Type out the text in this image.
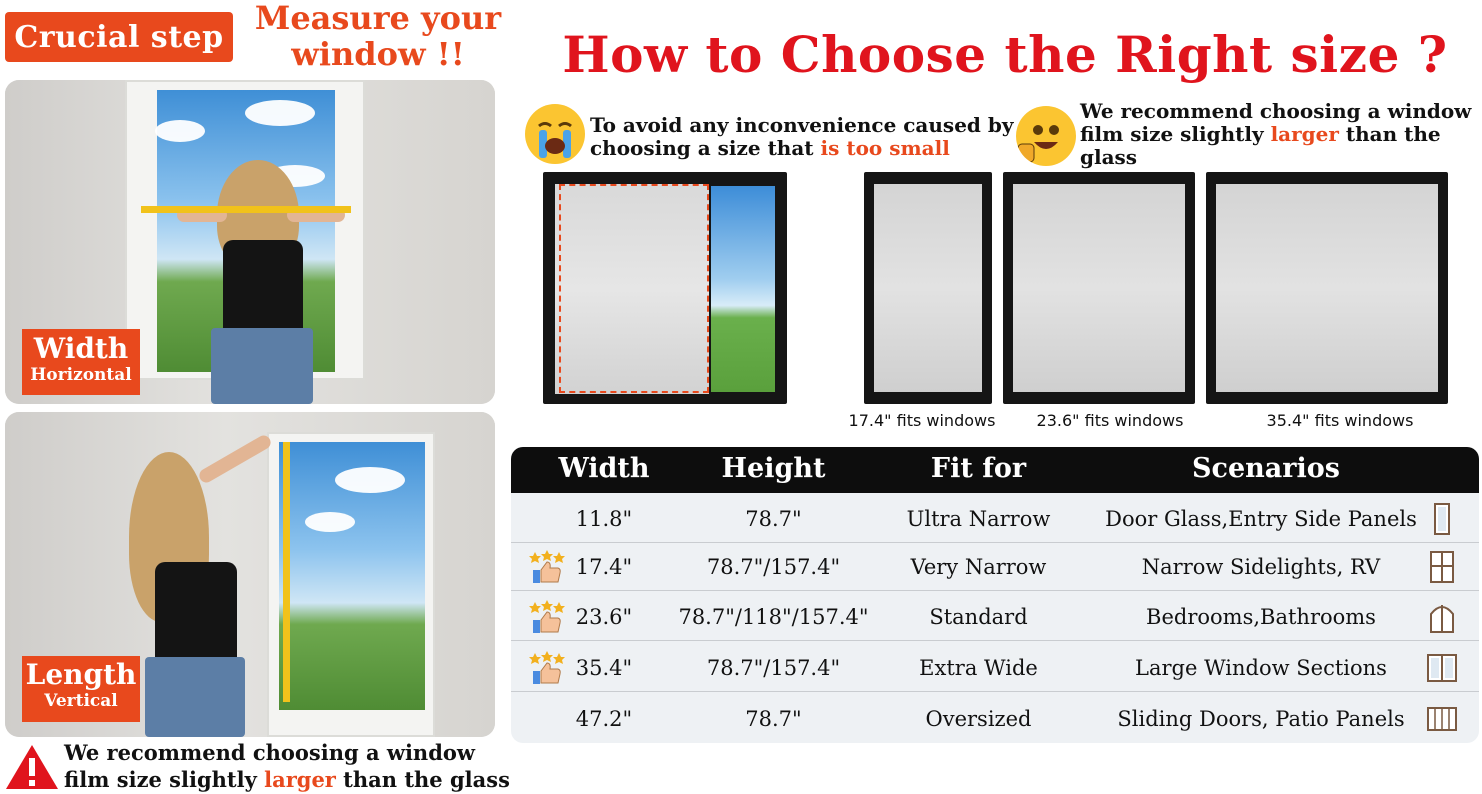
Crucial step Measure your window !!
Width
Horizontal
Length
Vertical
We recommend choosing a window film size slightly larger than the glass
How to Choose the Right size ?
To avoid any inconvenience caused by choosing a size that is too small
We recommend choosing a window film size slightly larger than the glass
17.4" fits windows	23.6" fits windows	35.4" fits windows
Width	Height	Fit for	Scenarios
11.8"	78.7"	Ultra Narrow	Door Glass,Entry Side Panels
17.4"	78.7"/157.4"	Very Narrow	Narrow Sidelights, RV
23.6"	78.7"/118"/157.4"	Standard	Bedrooms,Bathrooms
35.4"	78.7"/157.4"	Extra Wide	Large Window Sections
47.2"	78.7"	Oversized	Sliding Doors, Patio Panels
